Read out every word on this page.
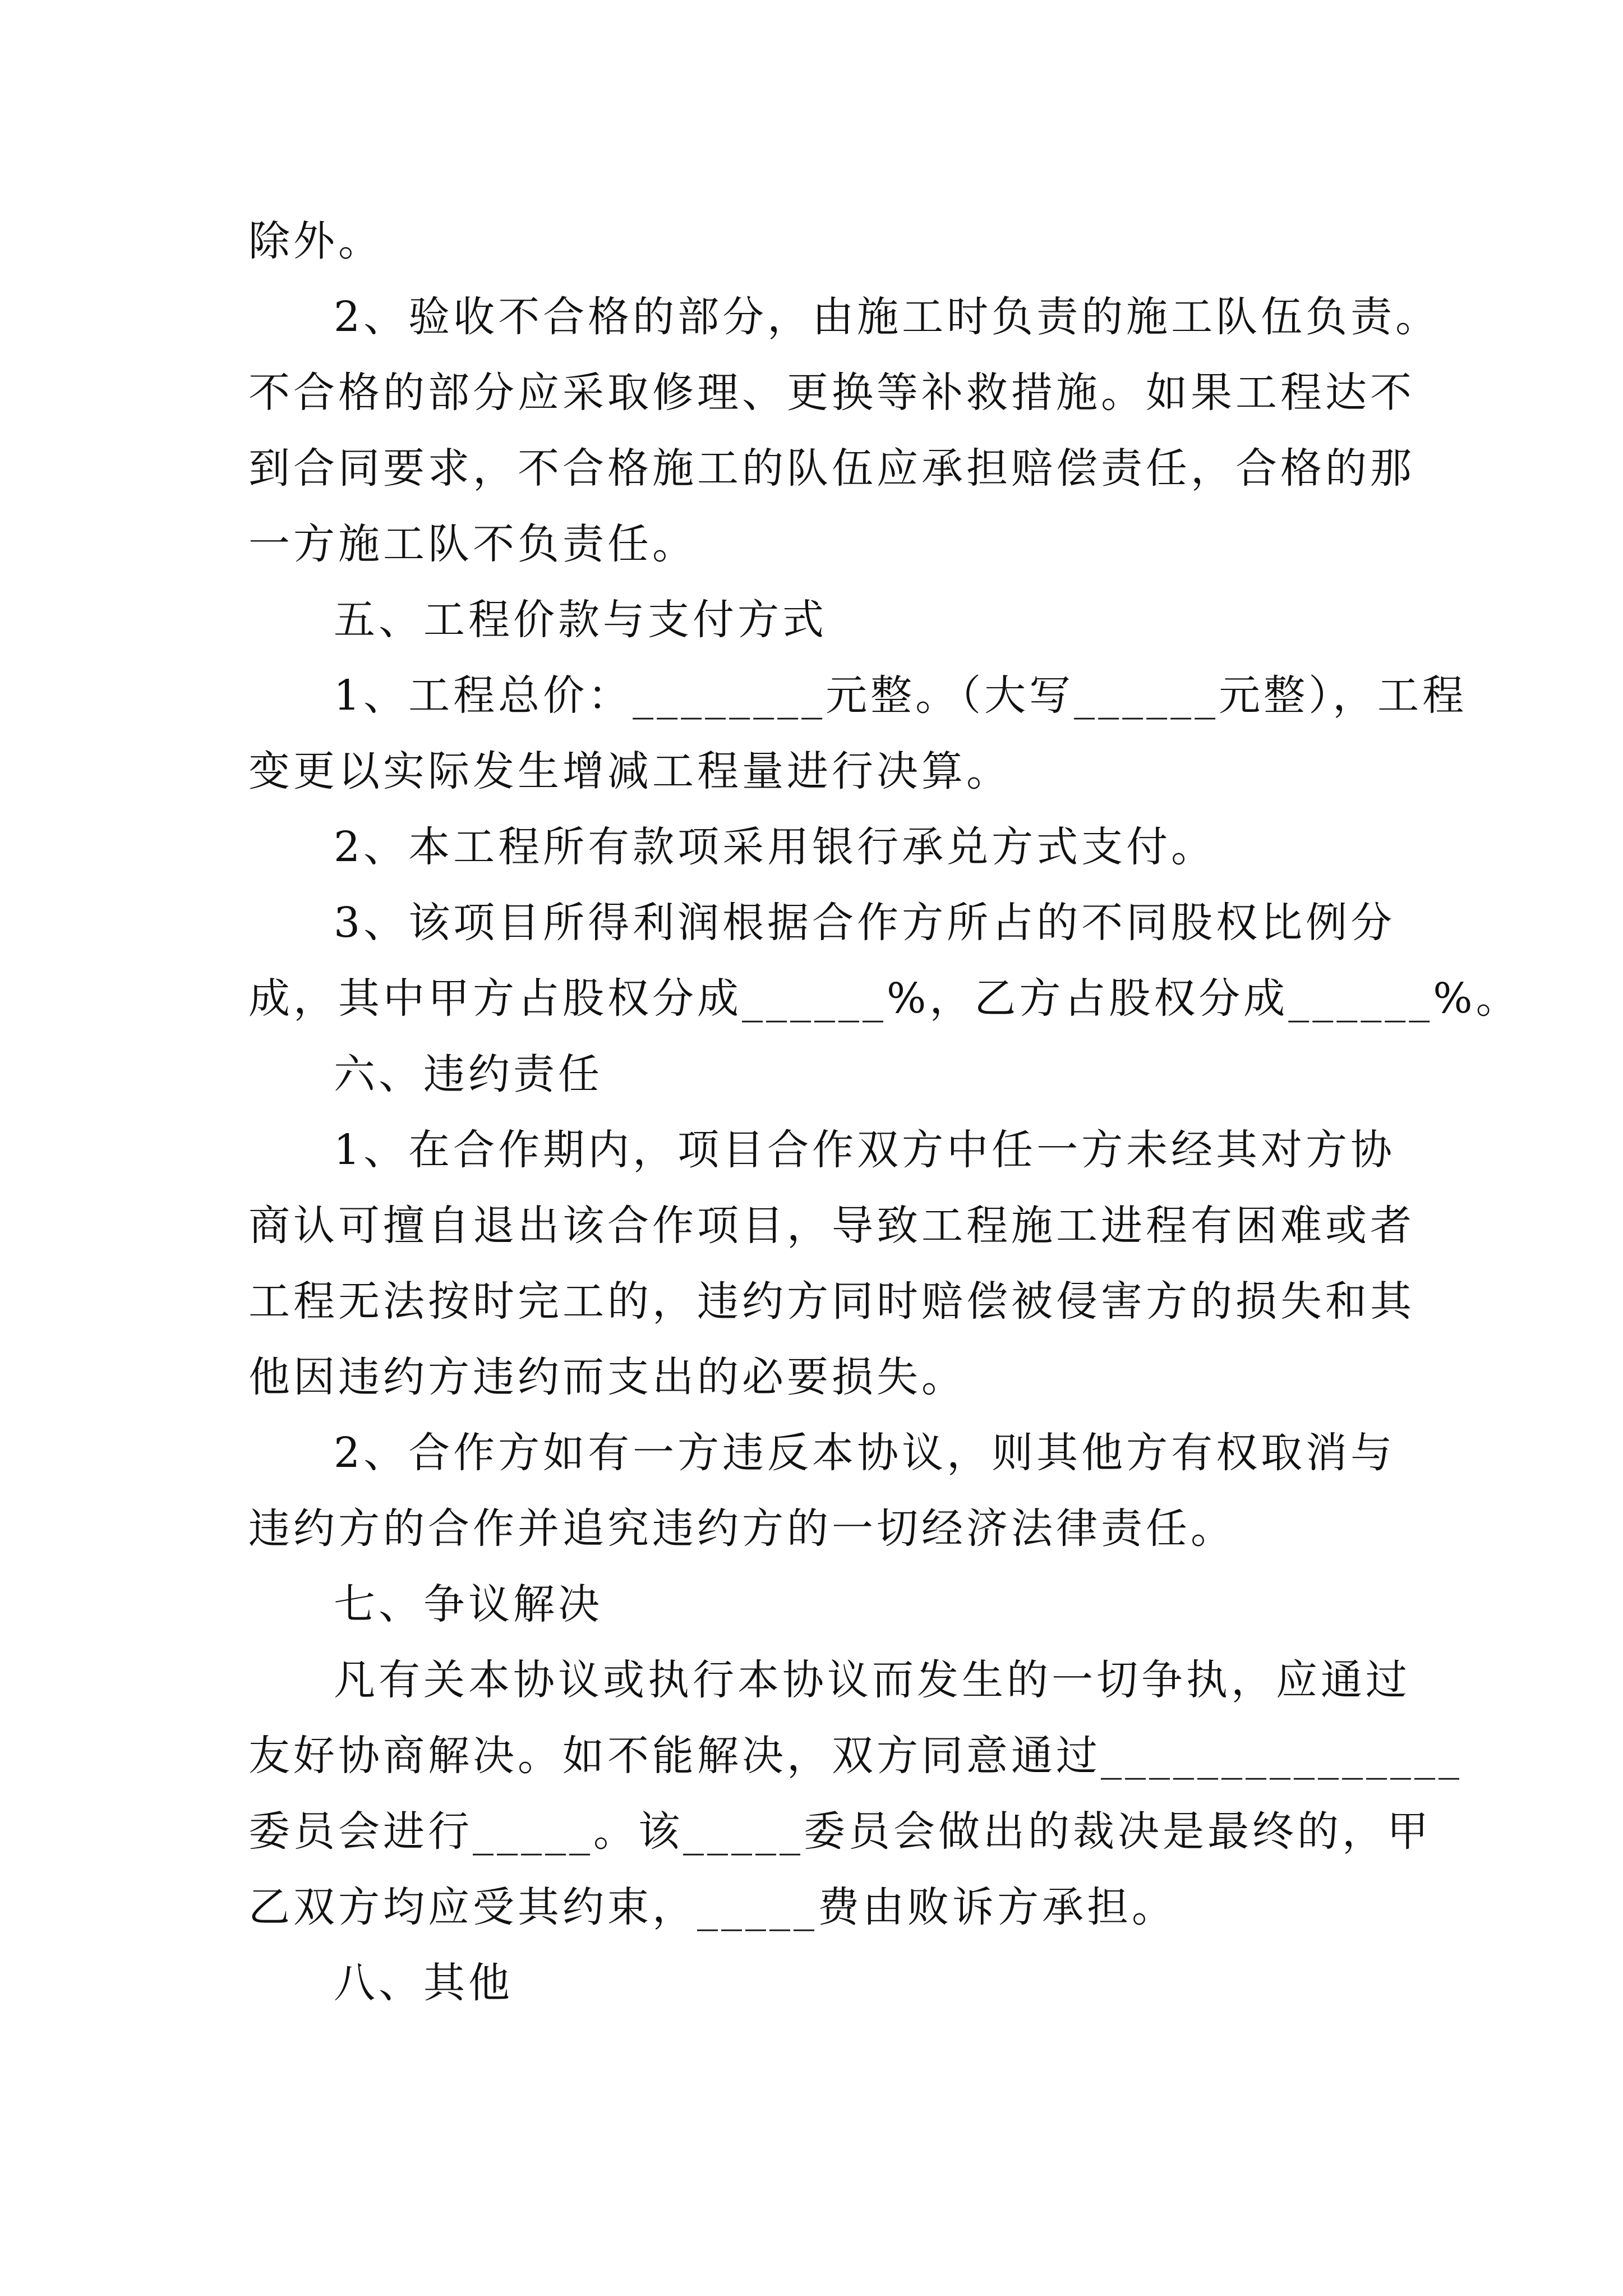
除外。
2、验收不合格的部分，由施工时负责的施工队伍负责。
不合格的部分应采取修理、更换等补救措施。如果工程达不
到合同要求，不合格施工的队伍应承担赔偿责任，合格的那
一方施工队不负责任。
五、工程价款与支付方式
1、工程总价：________元整。（大写______元整），工程
变更以实际发生增减工程量进行决算。
2、本工程所有款项采用银行承兑方式支付。
3、该项目所得利润根据合作方所占的不同股权比例分
成，其中甲方占股权分成______%，乙方占股权分成______%。
六、违约责任
1、在合作期内，项目合作双方中任一方未经其对方协
商认可擅自退出该合作项目，导致工程施工进程有困难或者
工程无法按时完工的，违约方同时赔偿被侵害方的损失和其
他因违约方违约而支出的必要损失。
2、合作方如有一方违反本协议，则其他方有权取消与
违约方的合作并追究违约方的一切经济法律责任。
七、争议解决
凡有关本协议或执行本协议而发生的一切争执，应通过
友好协商解决。如不能解决，双方同意通过_______________
委员会进行_____。该_____委员会做出的裁决是最终的，甲
乙双方均应受其约束，_____费由败诉方承担。
八、其他
